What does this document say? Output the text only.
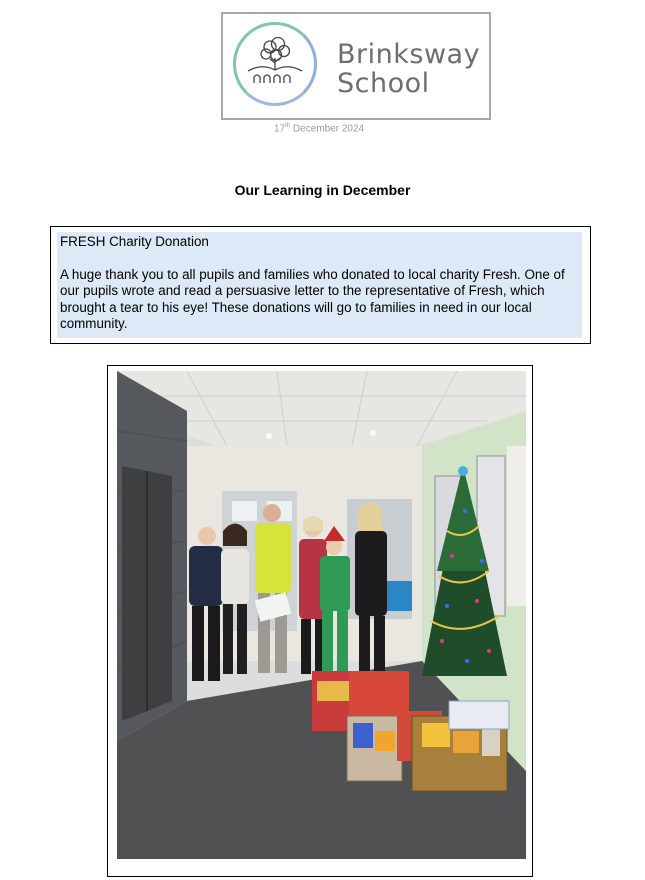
Brinksway
School
17th December 2024
Our Learning in December

FRESH Charity Donation

A huge thank you to all pupils and families who donated to local charity Fresh. One of our pupils wrote and read a persuasive letter to the representative of Fresh, which brought a tear to his eye! These donations will go to families in need in our local community.
